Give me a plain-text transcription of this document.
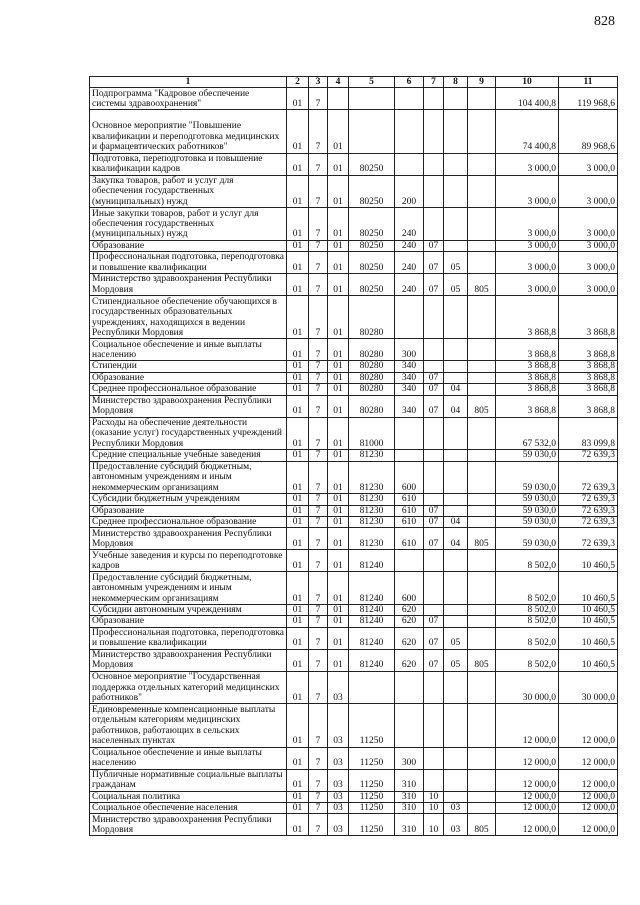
828
1	2	3	4	5	6	7	8	9	10	11
Подпрограмма "Кадровое обеспечение системы здравоохранения"	01	7							104 400,8	119 968,6
Основное мероприятие "Повышение квалификации и переподготовка медицинских и фармацевтических работников"	01	7	01						74 400,8	89 968,6
Подготовка, переподготовка и повышение квалификации кадров	01	7	01	80250					3 000,0	3 000,0
Закупка товаров, работ и услуг для обеспечения государственных (муниципальных) нужд	01	7	01	80250	200				3 000,0	3 000,0
Иные закупки товаров, работ и услуг для обеспечения государственных (муниципальных) нужд	01	7	01	80250	240				3 000,0	3 000,0
Образование	01	7	01	80250	240	07			3 000,0	3 000,0
Профессиональная подготовка, переподготовка и повышение квалификации	01	7	01	80250	240	07	05		3 000,0	3 000,0
Министерство здравоохранения Республики Мордовия	01	7	01	80250	240	07	05	805	3 000,0	3 000,0
Стипендиальное обеспечение обучающихся в государственных образовательных учреждениях, находящихся в ведении Республики Мордовия	01	7	01	80280					3 868,8	3 868,8
Социальное обеспечение и иные выплаты населению	01	7	01	80280	300				3 868,8	3 868,8
Стипендии	01	7	01	80280	340				3 868,8	3 868,8
Образование	01	7	01	80280	340	07			3 868,8	3 868,8
Среднее профессиональное образование	01	7	01	80280	340	07	04		3 868,8	3 868,8
Министерство здравоохранения Республики Мордовия	01	7	01	80280	340	07	04	805	3 868,8	3 868,8
Расходы на обеспечение деятельности (оказание услуг) государственных учреждений Республики Мордовия	01	7	01	81000					67 532,0	83 099,8
Средние специальные учебные заведения	01	7	01	81230					59 030,0	72 639,3
Предоставление субсидий бюджетным, автономным учреждениям и иным некоммерческим организациям	01	7	01	81230	600				59 030,0	72 639,3
Субсидии бюджетным учреждениям	01	7	01	81230	610				59 030,0	72 639,3
Образование	01	7	01	81230	610	07			59 030,0	72 639,3
Среднее профессиональное образование	01	7	01	81230	610	07	04		59 030,0	72 639,3
Министерство здравоохранения Республики Мордовия	01	7	01	81230	610	07	04	805	59 030,0	72 639,3
Учебные заведения и курсы по переподготовке кадров	01	7	01	81240					8 502,0	10 460,5
Предоставление субсидий бюджетным, автономным учреждениям и иным некоммерческим организациям	01	7	01	81240	600				8 502,0	10 460,5
Субсидии автономным учреждениям	01	7	01	81240	620				8 502,0	10 460,5
Образование	01	7	01	81240	620	07			8 502,0	10 460,5
Профессиональная подготовка, переподготовка и повышение квалификации	01	7	01	81240	620	07	05		8 502,0	10 460,5
Министерство здравоохранения Республики Мордовия	01	7	01	81240	620	07	05	805	8 502,0	10 460,5
Основное мероприятие "Государственная поддержка отдельных категорий медицинских работников"	01	7	03						30 000,0	30 000,0
Единовременные компенсационные выплаты отдельным категориям медицинских работников, работающих в сельских населенных пунктах	01	7	03	11250					12 000,0	12 000,0
Социальное обеспечение и иные выплаты населению	01	7	03	11250	300				12 000,0	12 000,0
Публичные нормативные социальные выплаты гражданам	01	7	03	11250	310				12 000,0	12 000,0
Социальная политика	01	7	03	11250	310	10			12 000,0	12 000,0
Социальное обеспечение населения	01	7	03	11250	310	10	03		12 000,0	12 000,0
Министерство здравоохранения Республики Мордовия	01	7	03	11250	310	10	03	805	12 000,0	12 000,0
